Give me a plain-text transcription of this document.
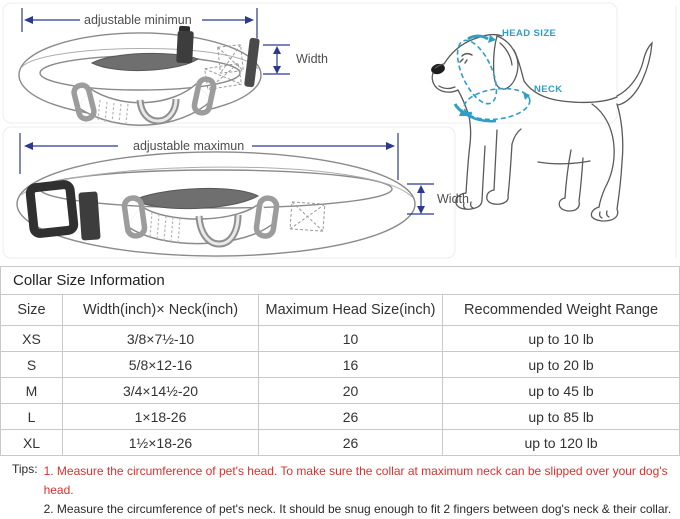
adjustable minimun
Width
adjustable maximun
Width
HEAD SIZE
NECK
Collar Size Information			
Size	Width(inch)× Neck(inch)	Maximum Head Size(inch)	Recommended Weight Range
XS	3/8×7½-10	10	up to 10 lb
S	5/8×12-16	16	up to 20 lb
M	3/4×14½-20	20	up to 45 lb
L	1×18-26	26	up to 85 lb
XL	1½×18-26	26	up to 120 lb
Tips: 1. Measure the circumference of pet's head. To make sure the collar at maximum neck can be slipped over your dog's head.
2. Measure the circumference of pet's neck. It should be snug enough to fit 2 fingers between dog's neck & their collar.
